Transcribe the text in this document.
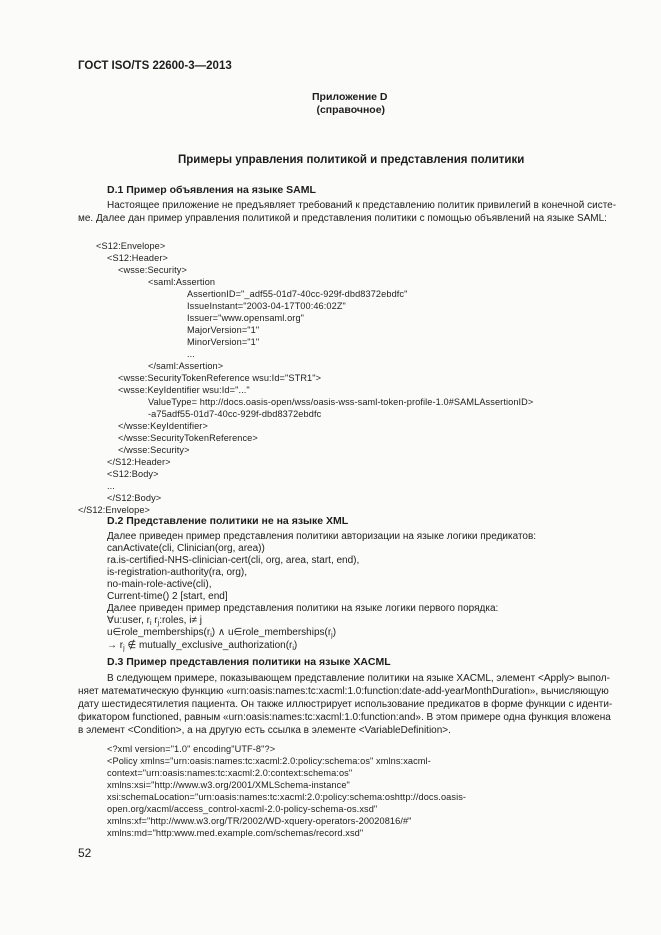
ГОСТ ISO/TS 22600-3—2013
Приложение D
(справочное)
Примеры управления политикой и представления политики
D.1 Пример объявления на языке SAML
Настоящее приложение не предъявляет требований к представлению политик привилегий в конечной систе-
ме. Далее дан пример управления политикой и представления политики с помощью объявлений на языке SAML:
<S12:Envelope>
<S12:Header>
<wsse:Security>
<saml:Assertion
AssertionID="_adf55-01d7-40cc-929f-dbd8372ebdfc"
IssueInstant="2003-04-17T00:46:02Z"
Issuer="www.opensaml.org"
MajorVersion="1"
MinorVersion="1"
...
</saml:Assertion>
<wsse:SecurityTokenReference wsu:Id="STR1">
<wsse:KeyIdentifier wsu:Id="..."
ValueType= http://docs.oasis-open/wss/oasis-wss-saml-token-profile-1.0#SAMLAssertionID>
-a75adf55-01d7-40cc-929f-dbd8372ebdfc
</wsse:KeyIdentifier>
</wsse:SecurityTokenReference>
</wsse:Security>
</S12:Header>
<S12:Body>
...
</S12:Body>
</S12:Envelope>
D.2 Представление политики не на языке XML
Далее приведен пример представления политики авторизации на языке логики предикатов:
canActivate(cli, Clinician(org, area))
ra.is-certified-NHS-clinician-cert(cli, org, area, start, end),
is-registration-authority(ra, org),
no-main-role-active(cli),
Current-time() 2 [start, end]
Далее приведен пример представления политики на языке логики первого порядка:
∀u:user, $r_i$ $r_j:roles$, i≠ j
$u\in role\_memberships(r_i)$ ∧ $u\in role\_memberships(r_j)$
→ $r_j$ ∉ $mutually\_exclusive\_authorization(r_i)$
D.3 Пример представления политики на языке XACML
В следующем примере, показывающем представление политики на языке XACML, элемент <Apply> выпол-
няет математическую функцию «urn:oasis:names:tc:xacml:1.0:function:date-add-yearMonthDuration», вычисляющую
дату шестидесятилетия пациента. Он также иллюстрирует использование предикатов в форме функции с иденти-
фикатором functioned, равным «urn:oasis:names:tc:xacml:1.0:function:and». В этом примере одна функция вложена
в элемент <Condition>, а на другую есть ссылка в элементе <VariableDefinition>.
<?xml version="1.0" encoding"UTF-8"?>
<Policy xmlns="urn:oasis:names:tc:xacml:2.0:policy:schema:os" xmlns:xacml-
context="urn:oasis:names:tc:xacml:2.0:context:schema:os"
xmlns:xsi="http://www.w3.org/2001/XMLSchema-instance"
xsi:schemaLocation="urn:oasis:names:tc:xacml:2.0:policy:schema:oshttp://docs.oasis-
open.org/xacml/access_control-xacml-2.0-policy-schema-os.xsd"
xmlns:xf="http://www.w3.org/TR/2002/WD-xquery-operators-20020816/#"
xmlns:md="http:www.med.example.com/schemas/record.xsd"
52
